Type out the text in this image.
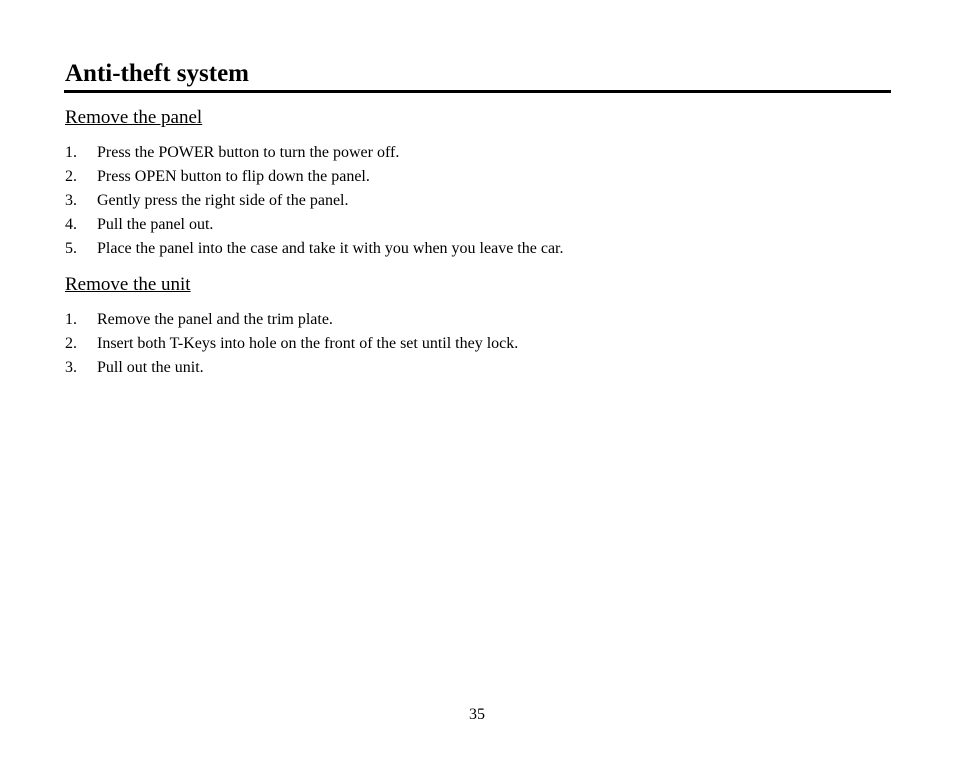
Anti-theft system
Remove the panel
1. Press the POWER button to turn the power off.
2. Press OPEN button to flip down the panel.
3. Gently press the right side of the panel.
4. Pull the panel out.
5. Place the panel into the case and take it with you when you leave the car.
Remove the unit
1. Remove the panel and the trim plate.
2. Insert both T-Keys into hole on the front of the set until they lock.
3. Pull out the unit.
35
